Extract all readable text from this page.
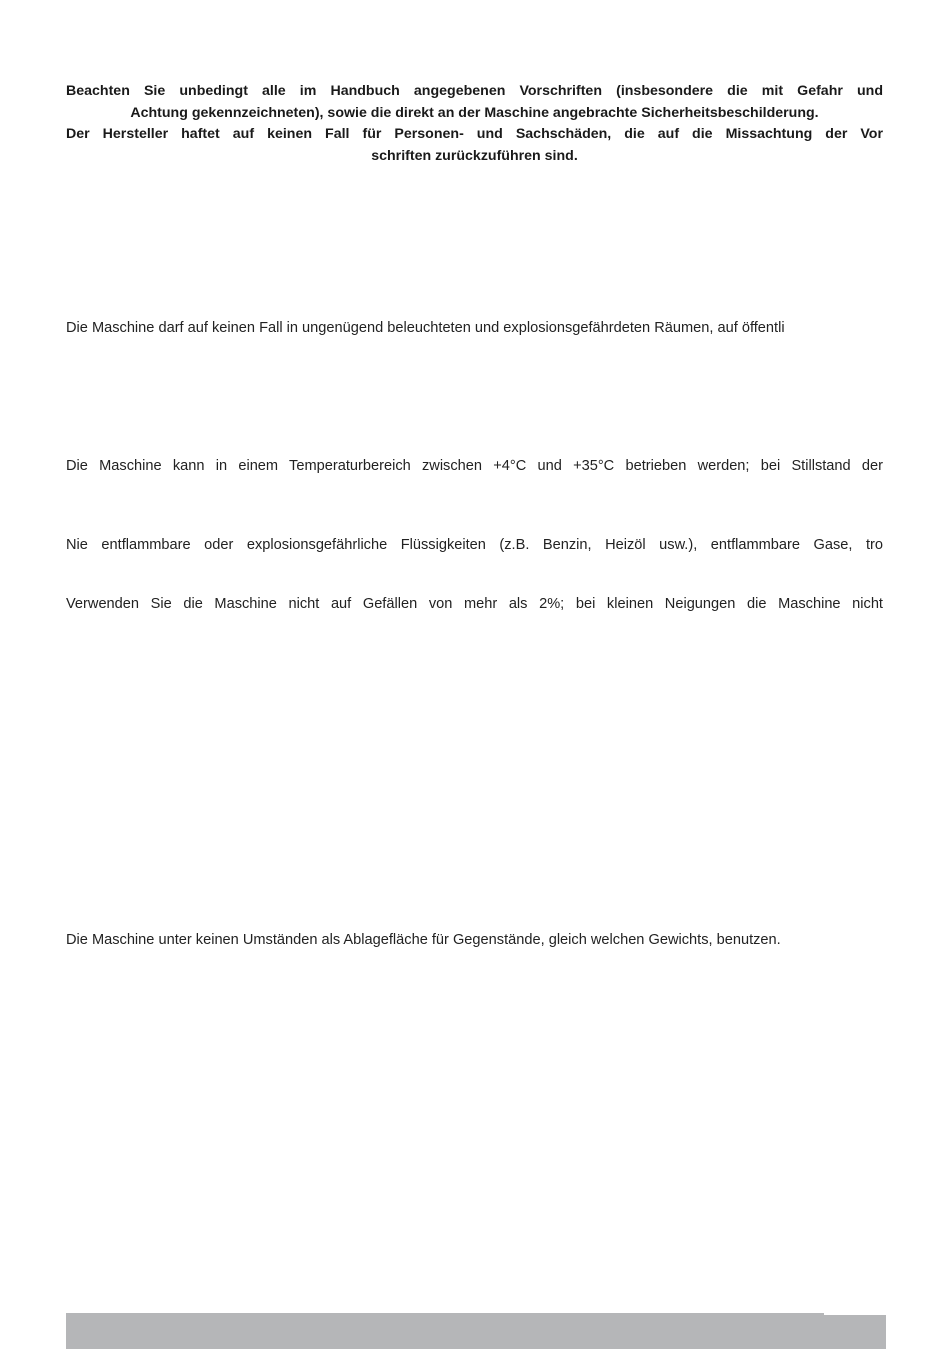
Beachten Sie unbedingt alle im Handbuch angegebenen Vorschriften (insbesondere die mit Gefahr und
Achtung gekennzeichneten), sowie die direkt an der Maschine angebrachte Sicherheitsbeschilderung.
Der Hersteller haftet auf keinen Fall für Personen- und Sachschäden, die auf die Missachtung der Vor
schriften zurückzuführen sind.
Die Maschine darf auf keinen Fall in ungenügend beleuchteten und explosionsgefährdeten Räumen, auf öffentli
Die Maschine kann in einem Temperaturbereich zwischen +4°C und +35°C betrieben werden; bei Stillstand der
Nie entflammbare oder explosionsgefährliche Flüssigkeiten (z.B. Benzin, Heizöl usw.), entflammbare Gase, tro
Verwenden Sie die Maschine nicht auf Gefällen von mehr als 2%; bei kleinen Neigungen die Maschine nicht
Die Maschine unter keinen Umständen als Ablagefläche für Gegenstände, gleich welchen Gewichts, benutzen.
